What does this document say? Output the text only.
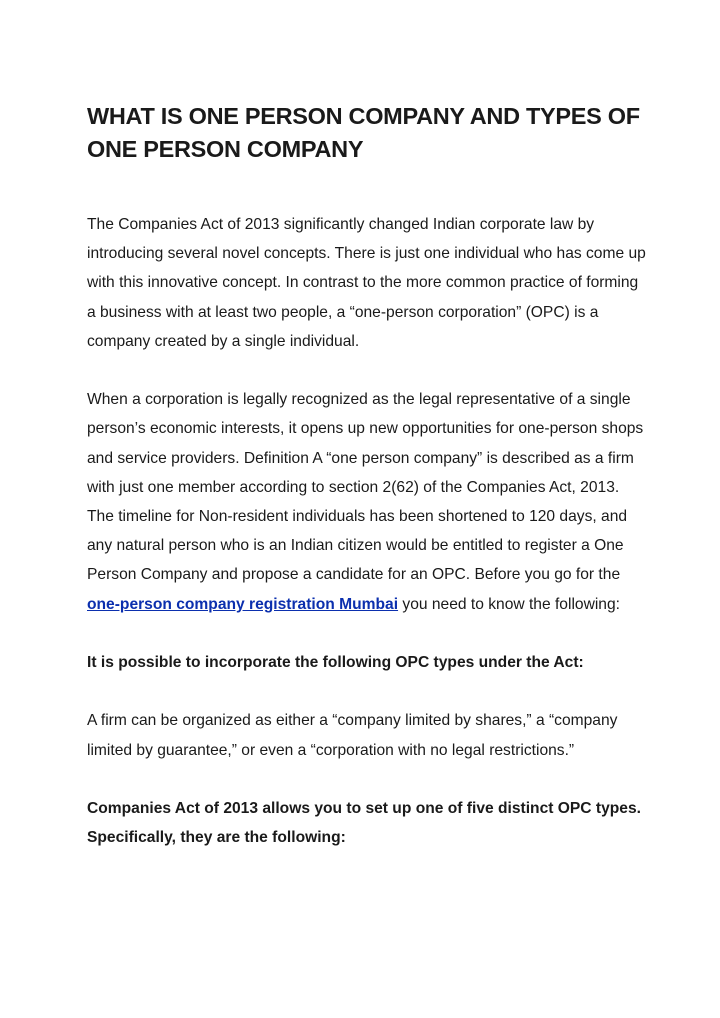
WHAT IS ONE PERSON COMPANY AND TYPES OF ONE PERSON COMPANY

The Companies Act of 2013 significantly changed Indian corporate law by introducing several novel concepts. There is just one individual who has come up with this innovative concept. In contrast to the more common practice of forming a business with at least two people, a “one-person corporation” (OPC) is a company created by a single individual.

When a corporation is legally recognized as the legal representative of a single person’s economic interests, it opens up new opportunities for one-person shops and service providers. Definition A “one person company” is described as a firm with just one member according to section 2(62) of the Companies Act, 2013. The timeline for Non-resident individuals has been shortened to 120 days, and any natural person who is an Indian citizen would be entitled to register a One Person Company and propose a candidate for an OPC. Before you go for the one-person company registration Mumbai you need to know the following:

It is possible to incorporate the following OPC types under the Act:

A firm can be organized as either a “company limited by shares,” a “company limited by guarantee,” or even a “corporation with no legal restrictions.”

Companies Act of 2013 allows you to set up one of five distinct OPC types. Specifically, they are the following:
